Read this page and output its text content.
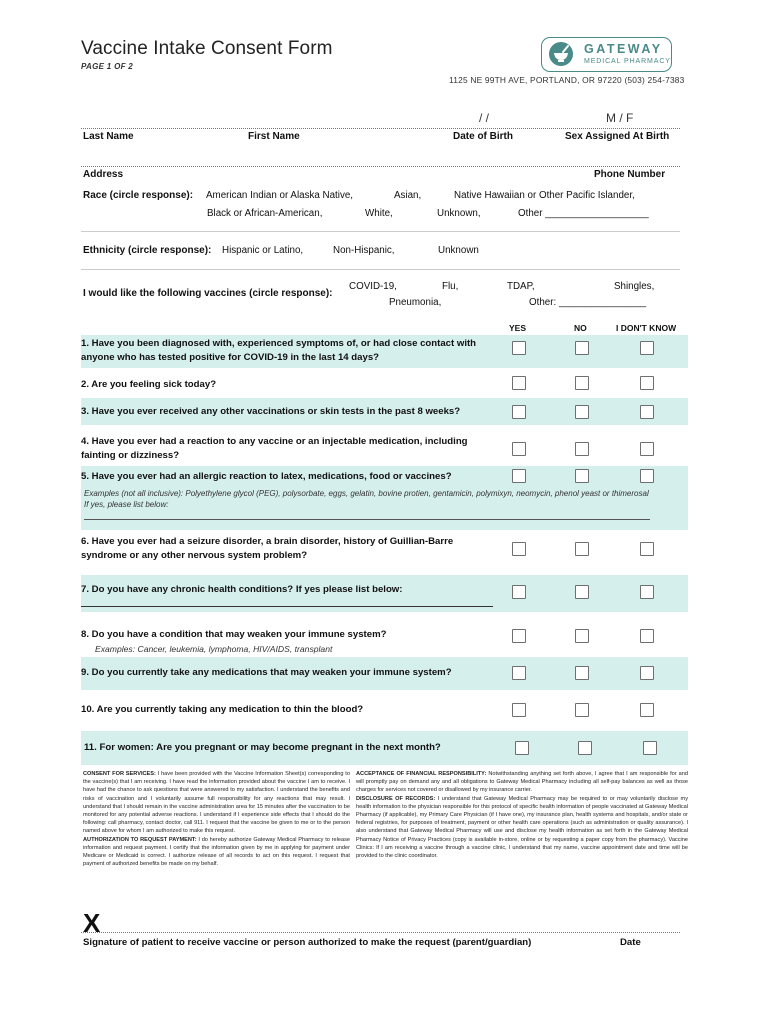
Vaccine Intake Consent Form
PAGE 1 OF 2
GATEWAY
MEDICAL PHARMACY
1125 NE 99TH AVE, PORTLAND, OR 97220 (503) 254-7383
/ /	M / F
Last Name	First Name	Date of Birth	Sex Assigned At Birth
Address	Phone Number
Race (circle response): American Indian or Alaska Native,	Asian,	Native Hawaiian or Other Pacific Islander,
Black or African-American,	White,	Unknown,	Other ___________________
Ethnicity (circle response): Hispanic or Latino,	Non-Hispanic,	Unknown
I would like the following vaccines (circle response):
COVID-19,	Flu,	TDAP,	Shingles,
Pneumonia,	Other: ________________
YES	NO	I DON'T KNOW
1. Have you been diagnosed with, experienced symptoms of, or had close contact with
anyone who has tested positive for COVID-19 in the last 14 days?
2. Are you feeling sick today?
3. Have you ever received any other vaccinations or skin tests in the past 8 weeks?
4. Have you ever had a reaction to any vaccine or an injectable medication, including
fainting or dizziness?
5. Have you ever had an allergic reaction to latex, medications, food or vaccines?
Examples (not all inclusive): Polyethylene glycol (PEG), polysorbate, eggs, gelatin, bovine protien, gentamicin, polymixyn, neomycin, phenol yeast or thimerosal
If yes, please list below:
6. Have you ever had a seizure disorder, a brain disorder, history of Guillian-Barre
syndrome or any other nervous system problem?
7. Do you have any chronic health conditions? If yes please list below:
8. Do you have a condition that may weaken your immune system?
Examples: Cancer, leukemia, lymphoma, HIV/AIDS, transplant
9. Do you currently take any medications that may weaken your immune system?
10. Are you currently taking any medication to thin the blood?
11. For women: Are you pregnant or may become pregnant in the next month?
CONSENT FOR SERVICES: I have been provided with the Vaccine Information Sheet(s) corresponding to the vaccine(s) that I am receiving. I have read the information provided about the vaccine I am to receive. I have had the chance to ask questions that were answered to my satisfaction. I understand the benefits and risks of vaccination and I voluntarily assume full responsibility for any reactions that may result. I understand that I should remain in the vaccine administration area for 15 minutes after the vaccination to be monitored for any potential adverse reactions. I understand if I experience side effects that I should do the following: call pharmacy, contact doctor, call 911. I request that the vaccine be given to me or to the person named above for whom I am authorized to make this request.
AUTHORIZATION TO REQUEST PAYMENT: I do hereby authorize Gateway Medical Pharmacy to release information and request payment. I certify that the information given by me in applying for payment under Medicare or Medicaid is correct. I authorize release of all records to act on this request. I request that payment of authorized benefits be made on my behalf.
ACCEPTANCE OF FINANCIAL RESPONSIBILITY: Notwithstanding anything set forth above, I agree that I am responsible for and will promptly pay on demand any and all obligations to Gateway Medical Pharmacy including all self-pay balances as well as those charges for services not covered or disallowed by my insurance carrier.
DISCLOSURE OF RECORDS: I understand that Gateway Medical Pharmacy may be required to or may voluntarily disclose my health information to the physician responsible for this protocol of specific health information of people vaccinated at Gateway Medical Pharmacy (if applicable), my Primary Care Physician (if I have one), my insurance plan, health systems and hospitals, and/or state or federal registries, for purposes of treatment, payment or other health care operations (such as administration or quality assurance). I also understand that Gateway Medical Pharmacy will use and disclose my health information as set forth in the Gateway Medical Pharmacy Notice of Privacy Practices (copy is available in-store, online or by requesting a paper copy from the pharmacy). Vaccine Clinics: If I am receiving a vaccine through a vaccine clinic, I understand that my name, vaccine appointment date and time will be provided to the clinic coordinator.
X
Signature of patient to receive vaccine or person authorized to make the request (parent/guardian)	Date
